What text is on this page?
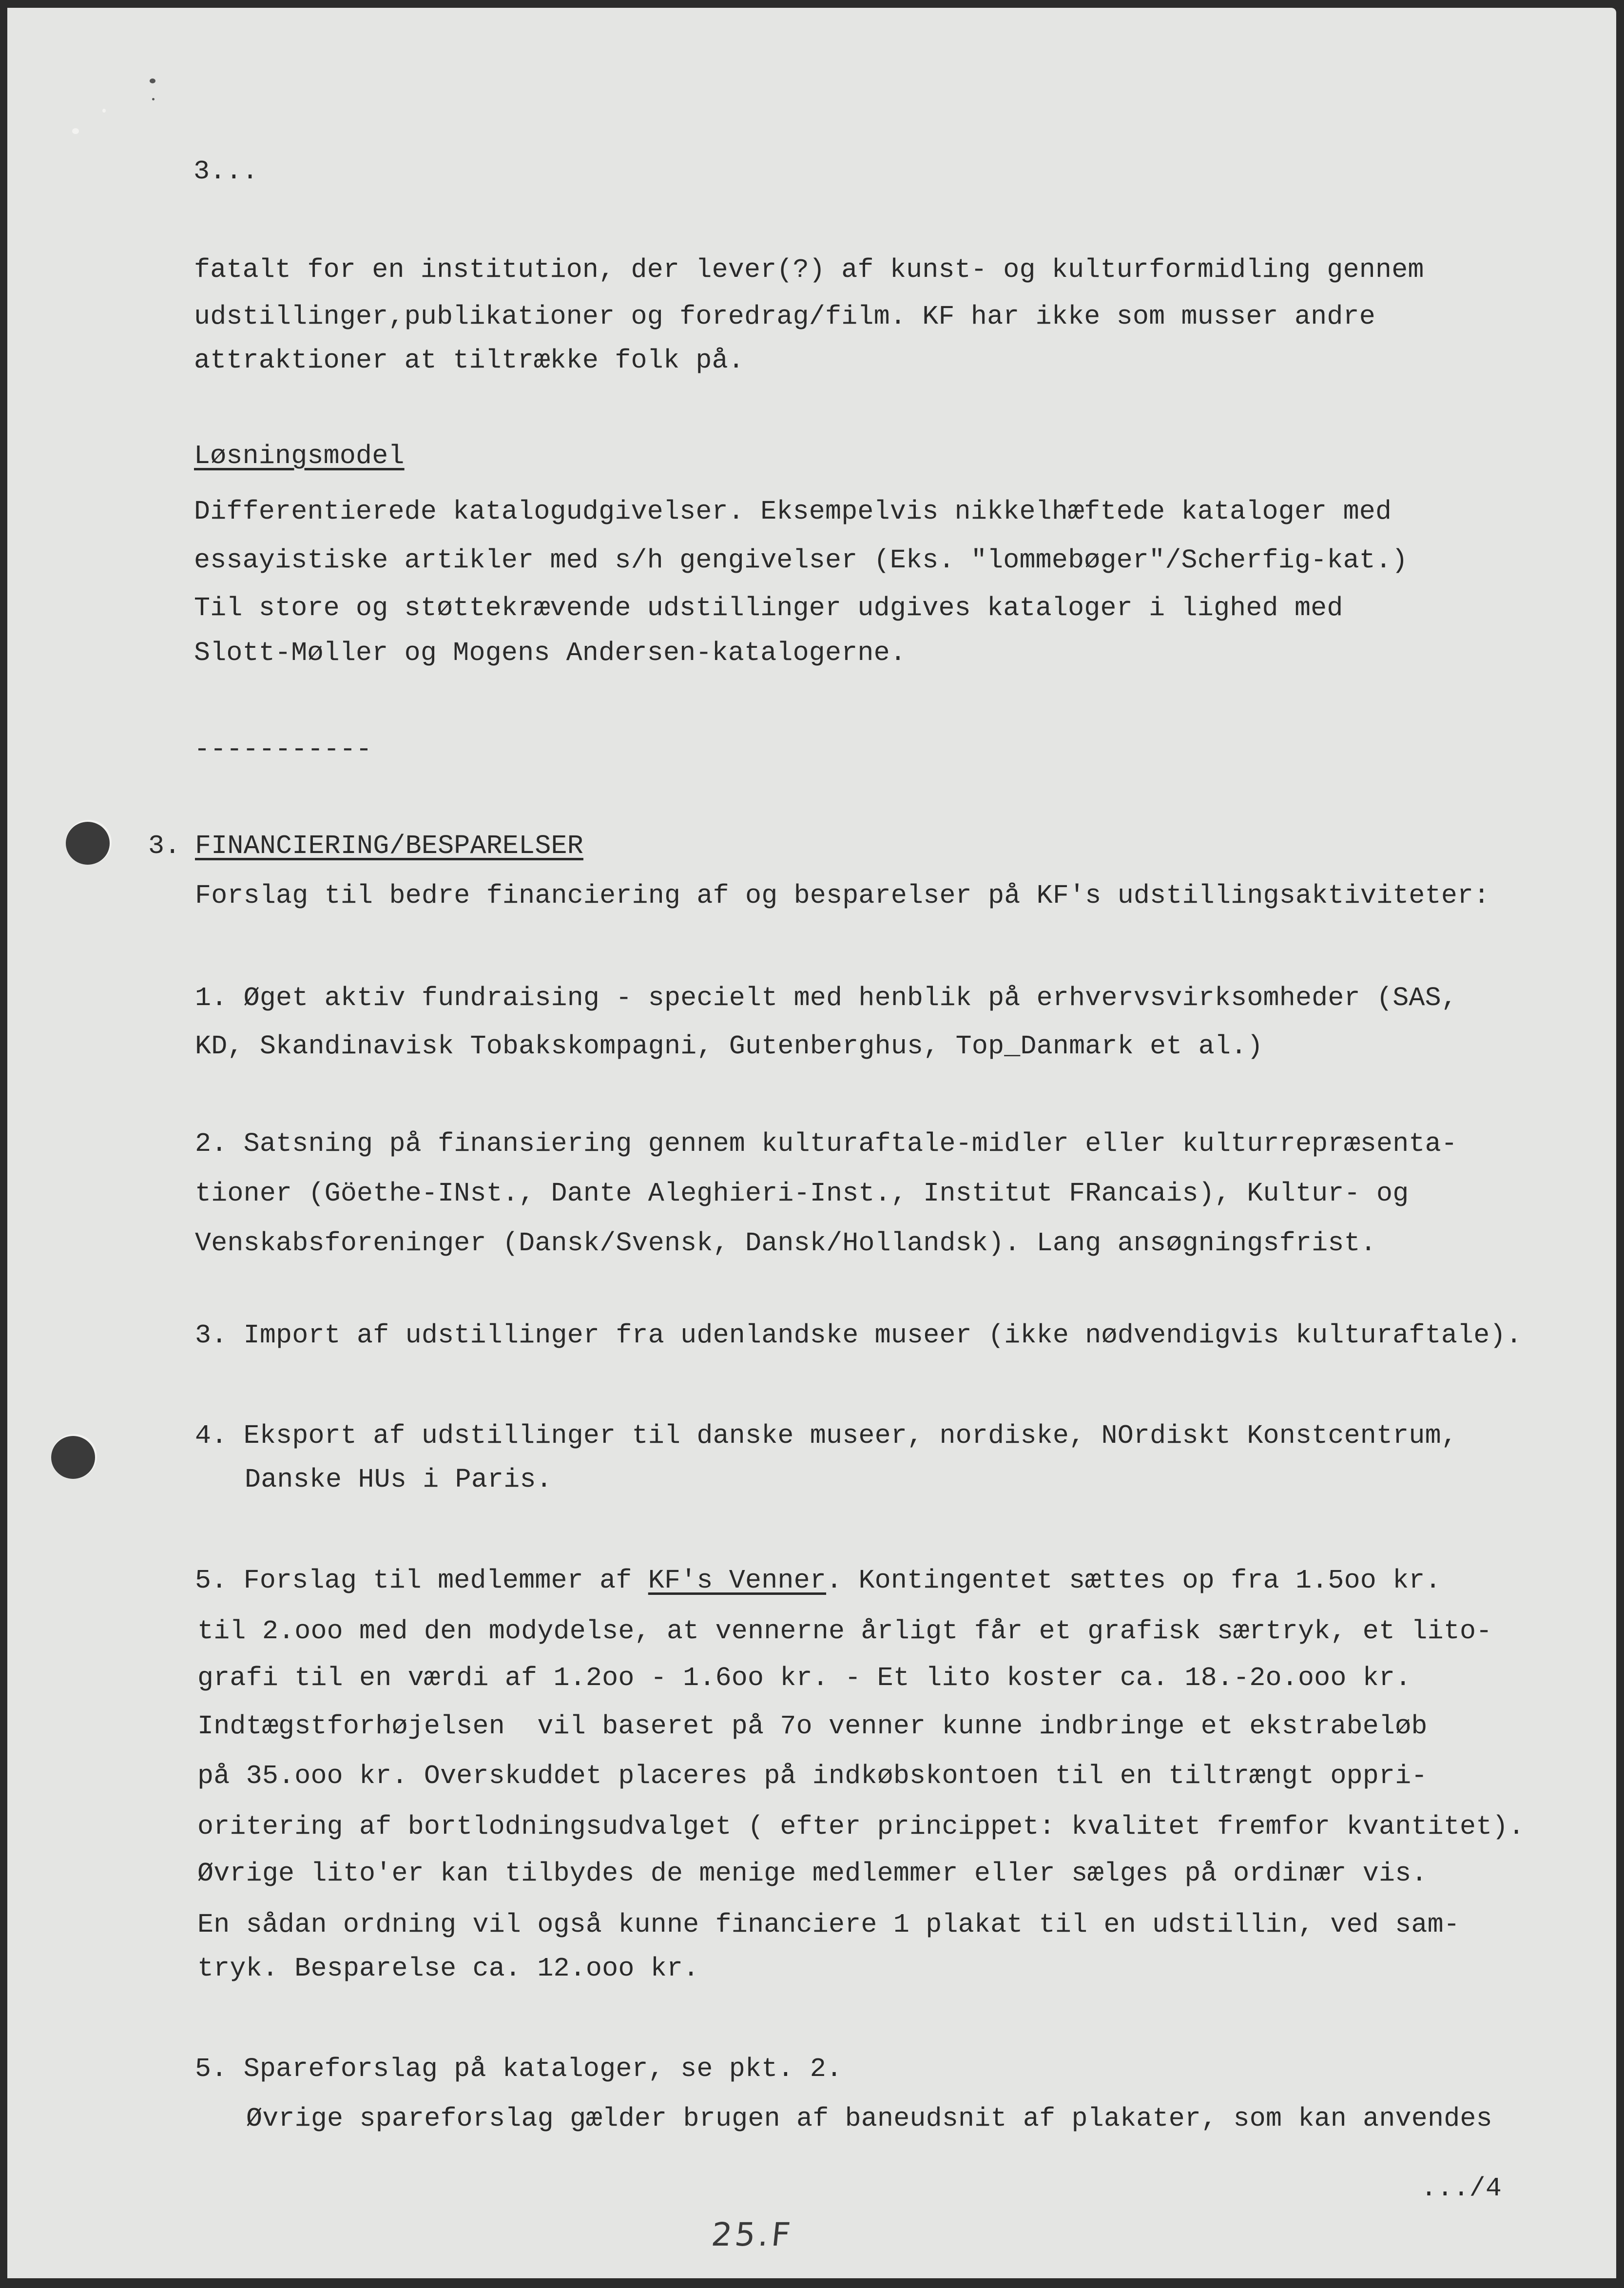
3...
fatalt for en institution, der lever(?) af kunst- og kulturformidling gennem
udstillinger,publikationer og foredrag/film. KF har ikke som musser andre
attraktioner at tiltrække folk på.
Løsningsmodel
Differentierede katalogudgivelser. Eksempelvis nikkelhæftede kataloger med
essayistiske artikler med s/h gengivelser (Eks. "lommebøger"/Scherfig-kat.)
Til store og støttekrævende udstillinger udgives kataloger i lighed med
Slott-Møller og Mogens Andersen-katalogerne.
-----------
3. FINANCIERING/BESPARELSER
Forslag til bedre financiering af og besparelser på KF's udstillingsaktiviteter:
1. Øget aktiv fundraising - specielt med henblik på erhvervsvirksomheder (SAS,
KD, Skandinavisk Tobakskompagni, Gutenberghus, Top_Danmark et al.)
2. Satsning på finansiering gennem kulturaftale-midler eller kulturrepræsenta-
tioner (Göethe-INst., Dante Aleghieri-Inst., Institut FRancais), Kultur- og
Venskabsforeninger (Dansk/Svensk, Dansk/Hollandsk). Lang ansøgningsfrist.
3. Import af udstillinger fra udenlandske museer (ikke nødvendigvis kulturaftale).
4. Eksport af udstillinger til danske museer, nordiske, NOrdiskt Konstcentrum,
Danske HUs i Paris.
5. Forslag til medlemmer af KF's Venner. Kontingentet sættes op fra 1.5oo kr.
til 2.ooo med den modydelse, at vennerne årligt får et grafisk særtryk, et lito-
grafi til en værdi af 1.2oo - 1.6oo kr. - Et lito koster ca. 18.-2o.ooo kr.
Indtægstforhøjelsen  vil baseret på 7o venner kunne indbringe et ekstrabeløb
på 35.ooo kr. Overskuddet placeres på indkøbskontoen til en tiltrængt oppri-
oritering af bortlodningsudvalget ( efter princippet: kvalitet fremfor kvantitet).
Øvrige lito'er kan tilbydes de menige medlemmer eller sælges på ordinær vis.
En sådan ordning vil også kunne financiere 1 plakat til en udstillin, ved sam-
tryk. Besparelse ca. 12.ooo kr.
5. Spareforslag på kataloger, se pkt. 2.
Øvrige spareforslag gælder brugen af baneudsnit af plakater, som kan anvendes
.../4
25.F
